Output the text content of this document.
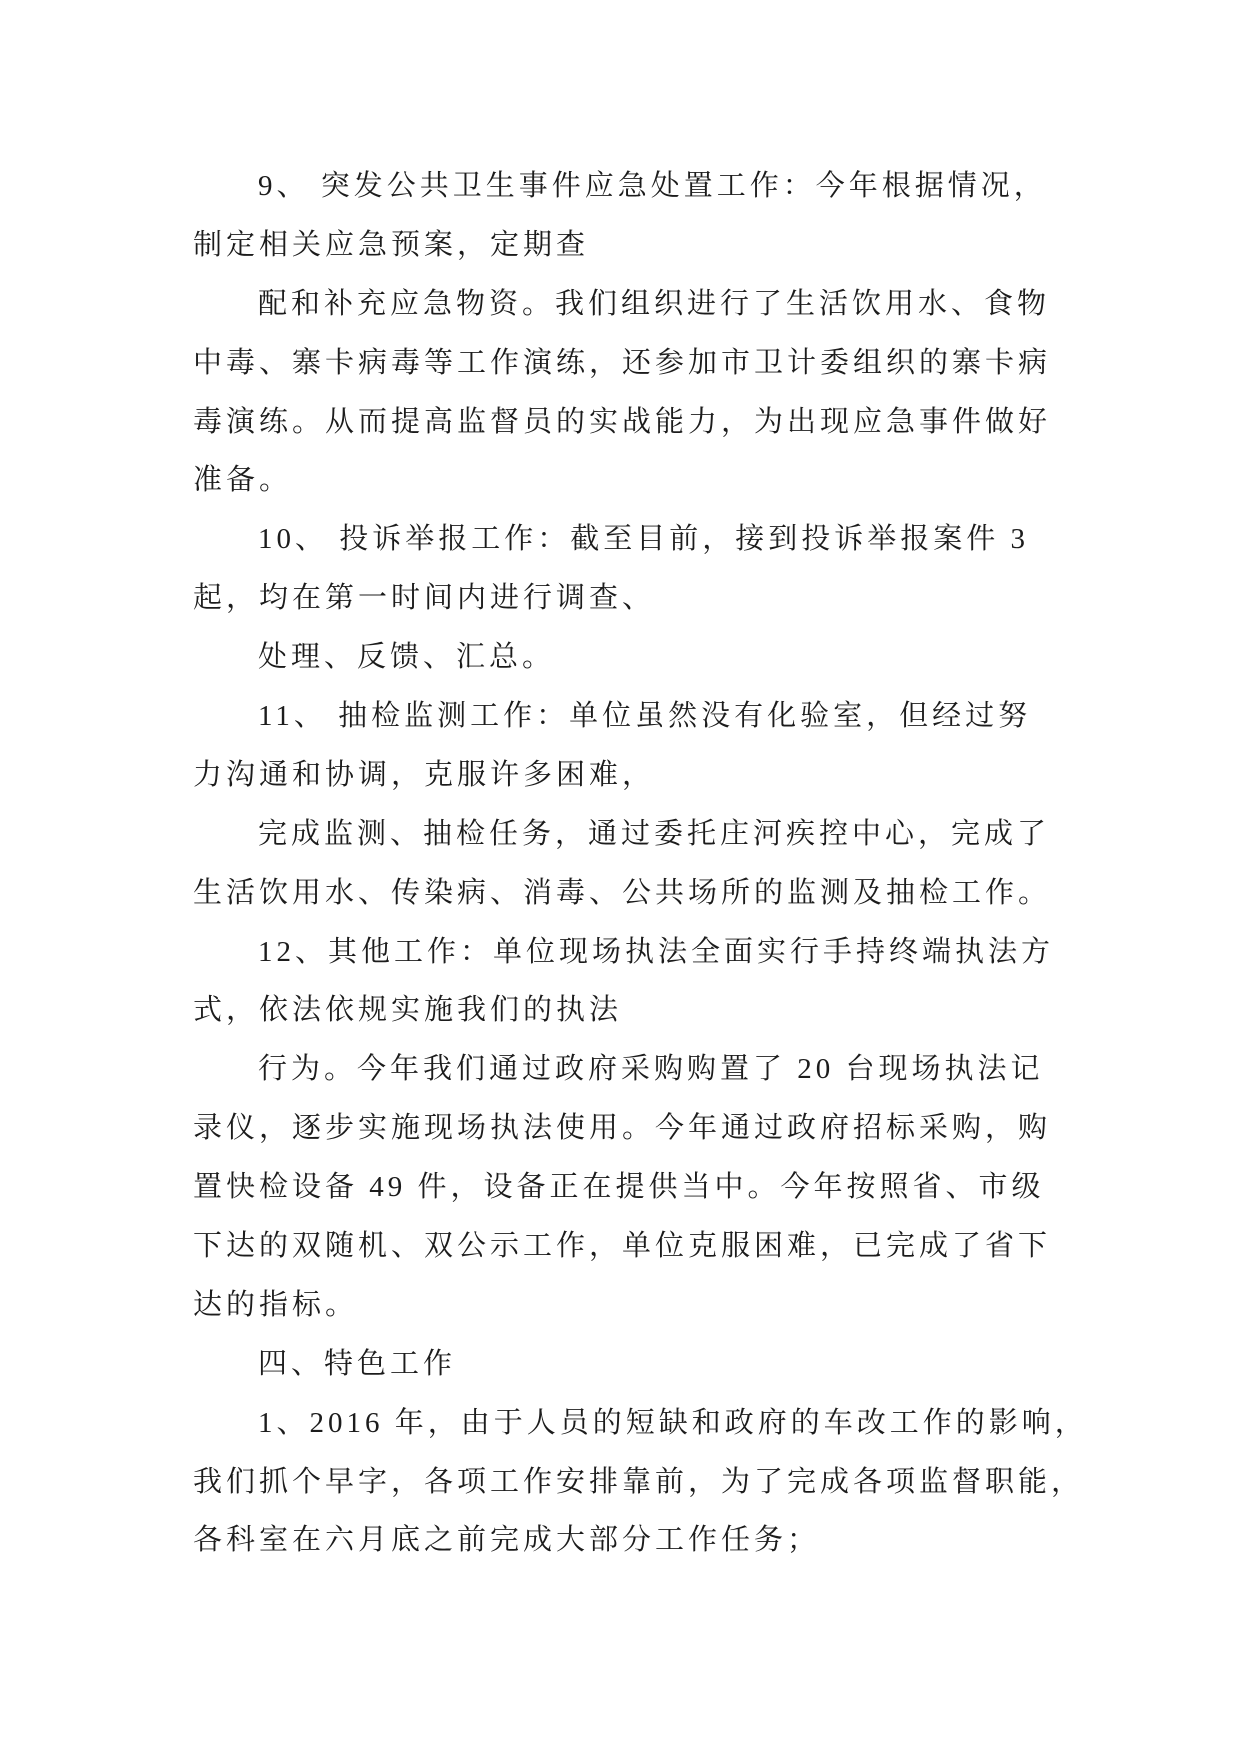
9、 突发公共卫生事件应急处置工作：今年根据情况，
制定相关应急预案，定期查
配和补充应急物资。我们组织进行了生活饮用水、食物
中毒、寨卡病毒等工作演练，还参加市卫计委组织的寨卡病
毒演练。从而提高监督员的实战能力，为出现应急事件做好
准备。
10、 投诉举报工作：截至目前，接到投诉举报案件 3
起，均在第一时间内进行调查、
处理、反馈、汇总。
11、 抽检监测工作：单位虽然没有化验室，但经过努
力沟通和协调，克服许多困难，
完成监测、抽检任务，通过委托庄河疾控中心，完成了
生活饮用水、传染病、消毒、公共场所的监测及抽检工作。
12、其他工作：单位现场执法全面实行手持终端执法方
式，依法依规实施我们的执法
行为。今年我们通过政府采购购置了 20 台现场执法记
录仪，逐步实施现场执法使用。今年通过政府招标采购，购
置快检设备 49 件，设备正在提供当中。今年按照省、市级
下达的双随机、双公示工作，单位克服困难，已完成了省下
达的指标。
四、特色工作
1、2016 年，由于人员的短缺和政府的车改工作的影响，
我们抓个早字，各项工作安排靠前，为了完成各项监督职能，
各科室在六月底之前完成大部分工作任务；
